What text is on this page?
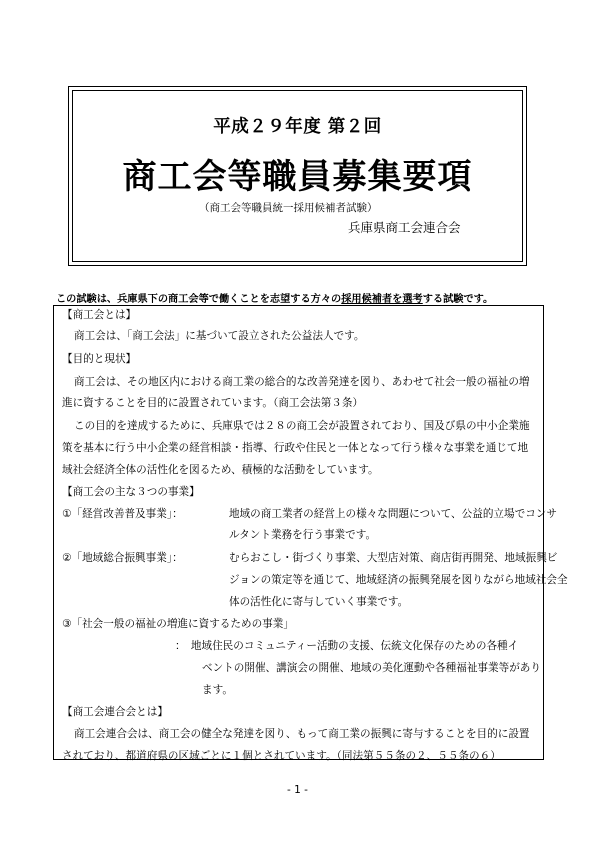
平成２９年度 第２回
商工会等職員募集要項
（商工会等職員統一採用候補者試験）
兵庫県商工会連合会
この試験は、兵庫県下の商工会等で働くことを志望する方々の採用候補者を選考する試験です。
【商工会とは】
商工会は、「商工会法」に基づいて設立された公益法人です。
【目的と現状】
商工会は、その地区内における商工業の総合的な改善発達を図り、あわせて社会一般の福祉の増
進に資することを目的に設置されています。（商工会法第３条）
この目的を達成するために、兵庫県では２８の商工会が設置されており、国及び県の中小企業施
策を基本に行う中小企業の経営相談・指導、行政や住民と一体となって行う様々な事業を通じて地
域社会経済全体の活性化を図るため、積極的な活動をしています。
【商工会の主な３つの事業】
①「経営改善普及事業」：	地域の商工業者の経営上の様々な問題について、公益的立場でコンサ
ルタント業務を行う事業です。
②「地域総合振興事業」：	むらおこし・街づくり事業、大型店対策、商店街再開発、地域振興ビ
ジョンの策定等を通じて、地域経済の振興発展を図りながら地域社会全
体の活性化に寄与していく事業です。
③「社会一般の福祉の増進に資するための事業」
：　地域住民のコミュニティー活動の支援、伝統文化保存のための各種イ
ベントの開催、講演会の開催、地域の美化運動や各種福祉事業等があり
ます。
【商工会連合会とは】
商工会連合会は、商工会の健全な発達を図り、もって商工業の振興に寄与することを目的に設置
されており、都道府県の区域ごとに１個とされています。（同法第５５条の２、５５条の６）
- 1 -
